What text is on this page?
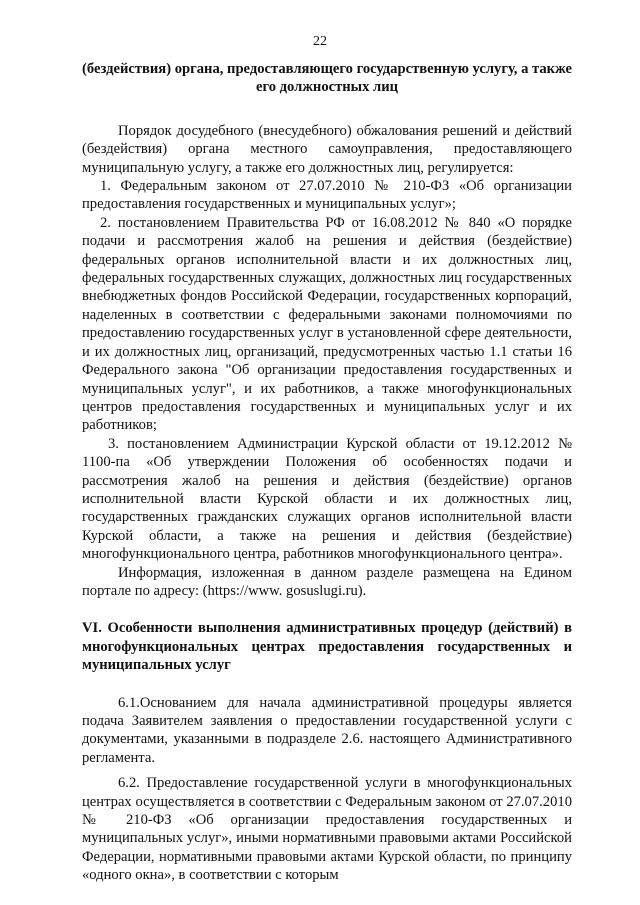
22

(бездействия) органа, предоставляющего государственную услугу, а также его должностных лиц

Порядок досудебного (внесудебного) обжалования решений и действий (бездействия) органа местного самоуправления, предоставляющего муниципальную услугу, а также его должностных лиц, регулируется:

1. Федеральным законом от 27.07.2010 № 210-ФЗ «Об организации предоставления государственных и муниципальных услуг»;

2. постановлением Правительства РФ от 16.08.2012 № 840 «О порядке подачи и рассмотрения жалоб на решения и действия (бездействие) федеральных органов исполнительной власти и их должностных лиц, федеральных государственных служащих, должностных лиц государственных внебюджетных фондов Российской Федерации, государственных корпораций, наделенных в соответствии с федеральными законами полномочиями по предоставлению государственных услуг в установленной сфере деятельности, и их должностных лиц, организаций, предусмотренных частью 1.1 статьи 16 Федерального закона "Об организации предоставления государственных и муниципальных услуг", и их работников, а также многофункциональных центров предоставления государственных и муниципальных услуг и их работников;

3. постановлением Администрации Курской области от 19.12.2012 № 1100-па «Об утверждении Положения об особенностях подачи и рассмотрения жалоб на решения и действия (бездействие) органов исполнительной власти Курской области и их должностных лиц, государственных гражданских служащих органов исполнительной власти Курской области, а также на решения и действия (бездействие) многофункционального центра, работников многофункционального центра».

Информация, изложенная в данном разделе размещена на Едином портале по адресу: (https://www. gosuslugi.ru).

VI. Особенности выполнения административных процедур (действий) в многофункциональных центрах предоставления государственных и муниципальных услуг

6.1.Основанием для начала административной процедуры является подача Заявителем заявления о предоставлении государственной услуги с документами, указанными в подразделе 2.6. настоящего Административного регламента.

6.2. Предоставление государственной услуги в многофункциональных центрах осуществляется в соответствии с Федеральным законом от 27.07.2010 № 210-ФЗ «Об организации предоставления государственных и муниципальных услуг», иными нормативными правовыми актами Российской Федерации, нормативными правовыми актами Курской области, по принципу «одного окна», в соответствии с которым
